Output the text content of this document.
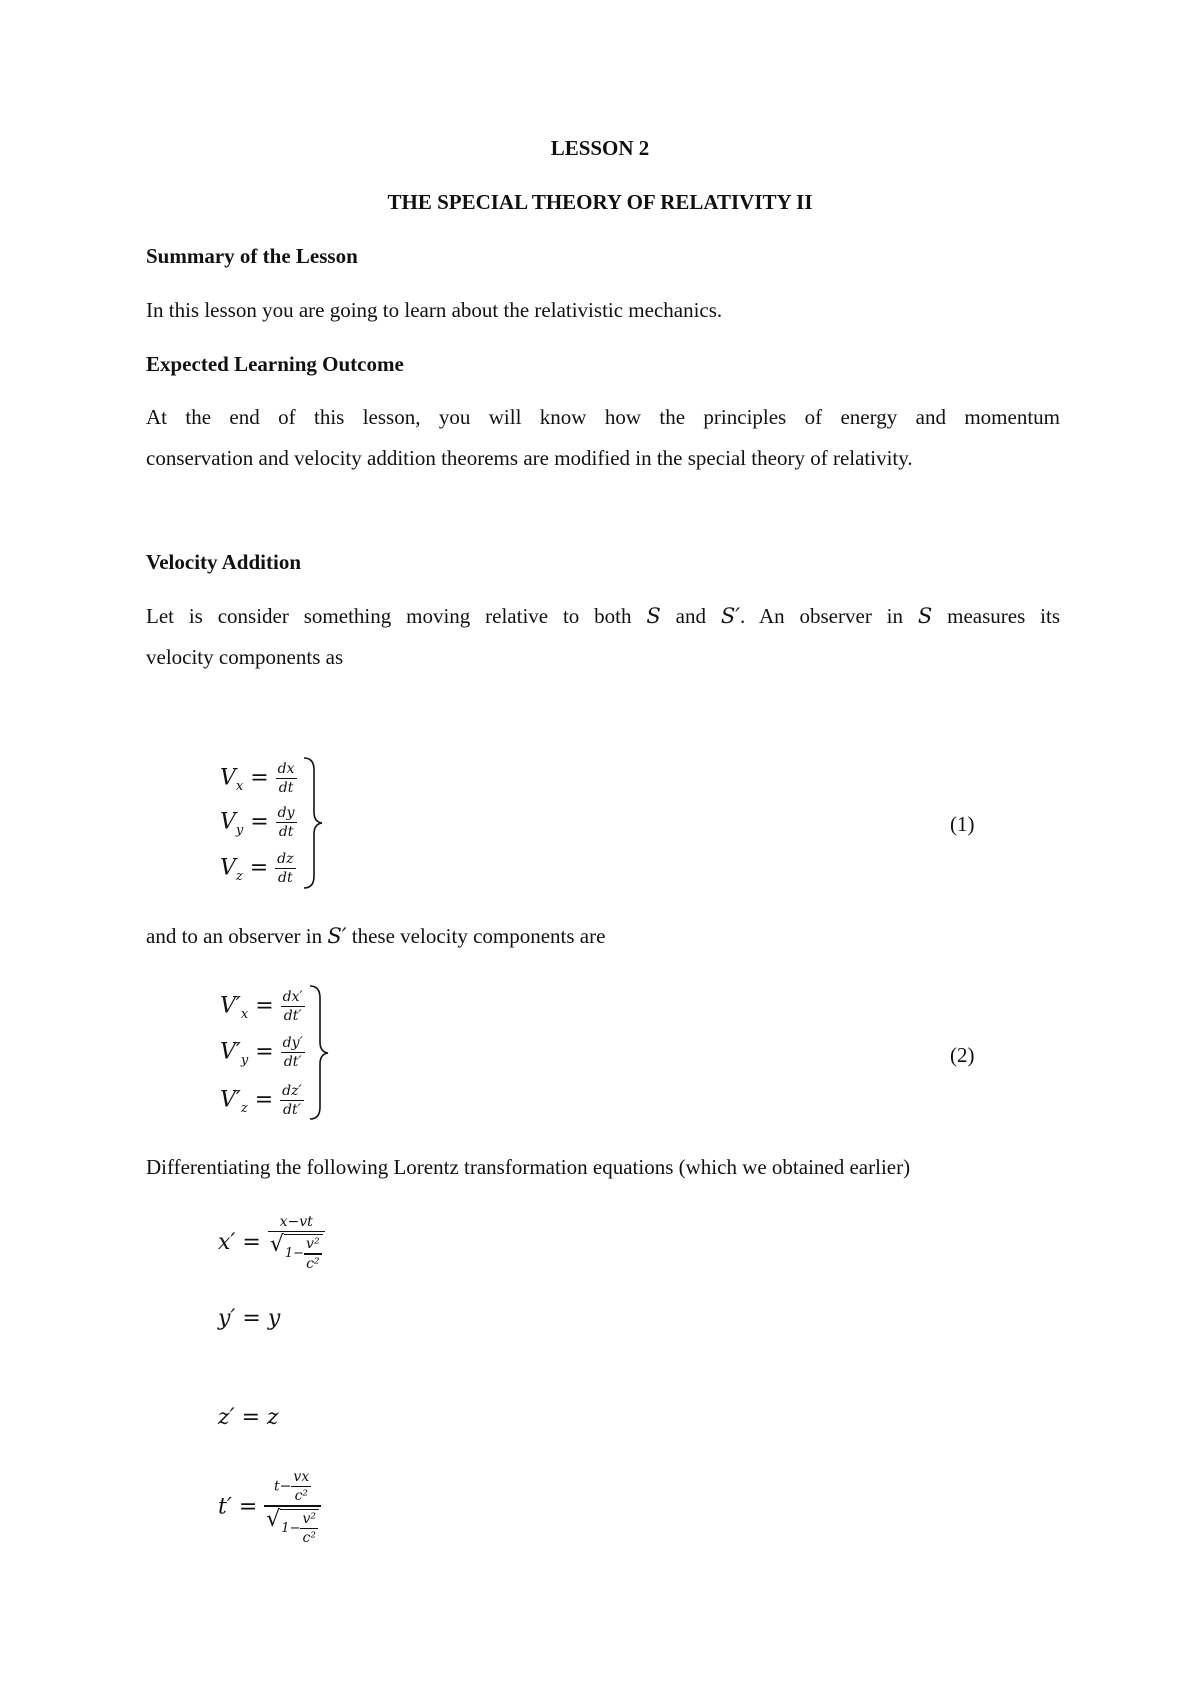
LESSON 2
THE SPECIAL THEORY OF RELATIVITY II
Summary of the Lesson
In this lesson you are going to learn about the relativistic mechanics.
Expected Learning Outcome
At the end of this lesson, you will know how the principles of energy and momentum
conservation and velocity addition theorems are modified in the special theory of relativity.
Velocity Addition
Let is consider something moving relative to both S and S′. An observer in S measures its
velocity components as
$V_x = \frac{dx}{dt}$
$V_y = \frac{dy}{dt}$
$V_z = \frac{dz}{dt}$
(1)
and to an observer in S′ these velocity components are
$V'_x = \frac{dx'}{dt'}$
$V'_y = \frac{dy'}{dt'}$
$V'_z = \frac{dz'}{dt'}$
(2)
Differentiating the following Lorentz transformation equations (which we obtained earlier)
$x' = \frac{x-vt}{√ 1- \frac{\text{v²}}{\text{c²}}}$
y′ = y
z′ = z
$t' = \frac{t- \frac{vx}{\text{c²}}}{√ 1- \frac{\text{v²}}{\text{c²}}}$
